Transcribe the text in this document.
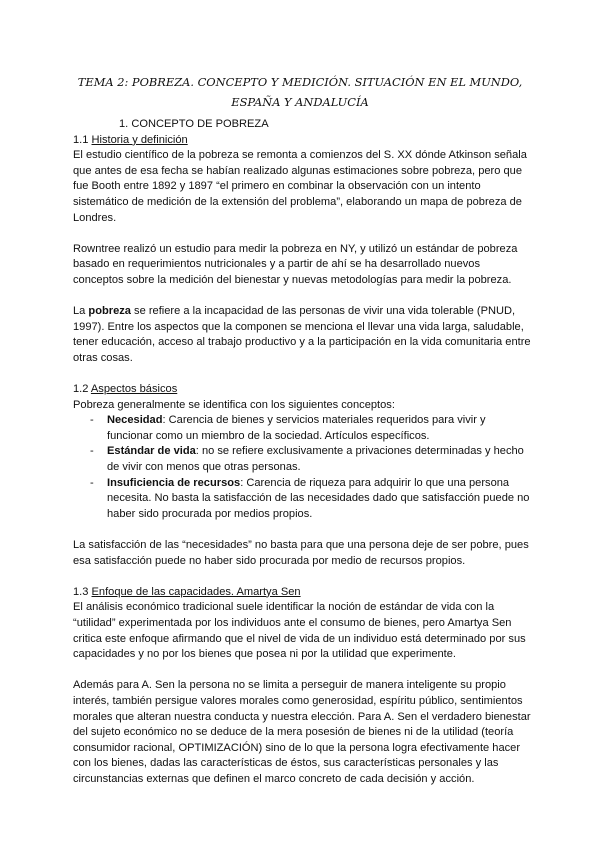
TEMA 2: POBREZA. CONCEPTO Y MEDICIÓN. SITUACIÓN EN EL MUNDO,
ESPAÑA Y ANDALUCÍA

1. CONCEPTO DE POBREZA

1.1 Historia y definición

El estudio científico de la pobreza se remonta a comienzos del S. XX dónde Atkinson señala que antes de esa fecha se habían realizado algunas estimaciones sobre pobreza, pero que fue Booth entre 1892 y 1897 “el primero en combinar la observación con un intento sistemático de medición de la extensión del problema”, elaborando un mapa de pobreza de Londres.

Rowntree realizó un estudio para medir la pobreza en NY, y utilizó un estándar de pobreza basado en requerimientos nutricionales y a partir de ahí se ha desarrollado nuevos conceptos sobre la medición del bienestar y nuevas metodologías para medir la pobreza.

La pobreza se refiere a la incapacidad de las personas de vivir una vida tolerable (PNUD, 1997). Entre los aspectos que la componen se menciona el llevar una vida larga, saludable, tener educación, acceso al trabajo productivo y a la participación en la vida comunitaria entre otras cosas.

1.2 Aspectos básicos

Pobreza generalmente se identifica con los siguientes conceptos:

- Necesidad: Carencia de bienes y servicios materiales requeridos para vivir y funcionar como un miembro de la sociedad. Artículos específicos.
- Estándar de vida: no se refiere exclusivamente a privaciones determinadas y hecho de vivir con menos que otras personas.
- Insuficiencia de recursos: Carencia de riqueza para adquirir lo que una persona necesita. No basta la satisfacción de las necesidades dado que satisfacción puede no haber sido procurada por medios propios.

La satisfacción de las “necesidades” no basta para que una persona deje de ser pobre, pues esa satisfacción puede no haber sido procurada por medio de recursos propios.

1.3 Enfoque de las capacidades. Amartya Sen

El análisis económico tradicional suele identificar la noción de estándar de vida con la “utilidad” experimentada por los individuos ante el consumo de bienes, pero Amartya Sen critica este enfoque afirmando que el nivel de vida de un individuo está determinado por sus capacidades y no por los bienes que posea ni por la utilidad que experimente.

Además para A. Sen la persona no se limita a perseguir de manera inteligente su propio interés, también persigue valores morales como generosidad, espíritu público, sentimientos morales que alteran nuestra conducta y nuestra elección. Para A. Sen el verdadero bienestar del sujeto económico no se deduce de la mera posesión de bienes ni de la utilidad (teoría consumidor racional, OPTIMIZACIÓN) sino de lo que la persona logra efectivamente hacer con los bienes, dadas las características de éstos, sus características personales y las circunstancias externas que definen el marco concreto de cada decisión y acción.
